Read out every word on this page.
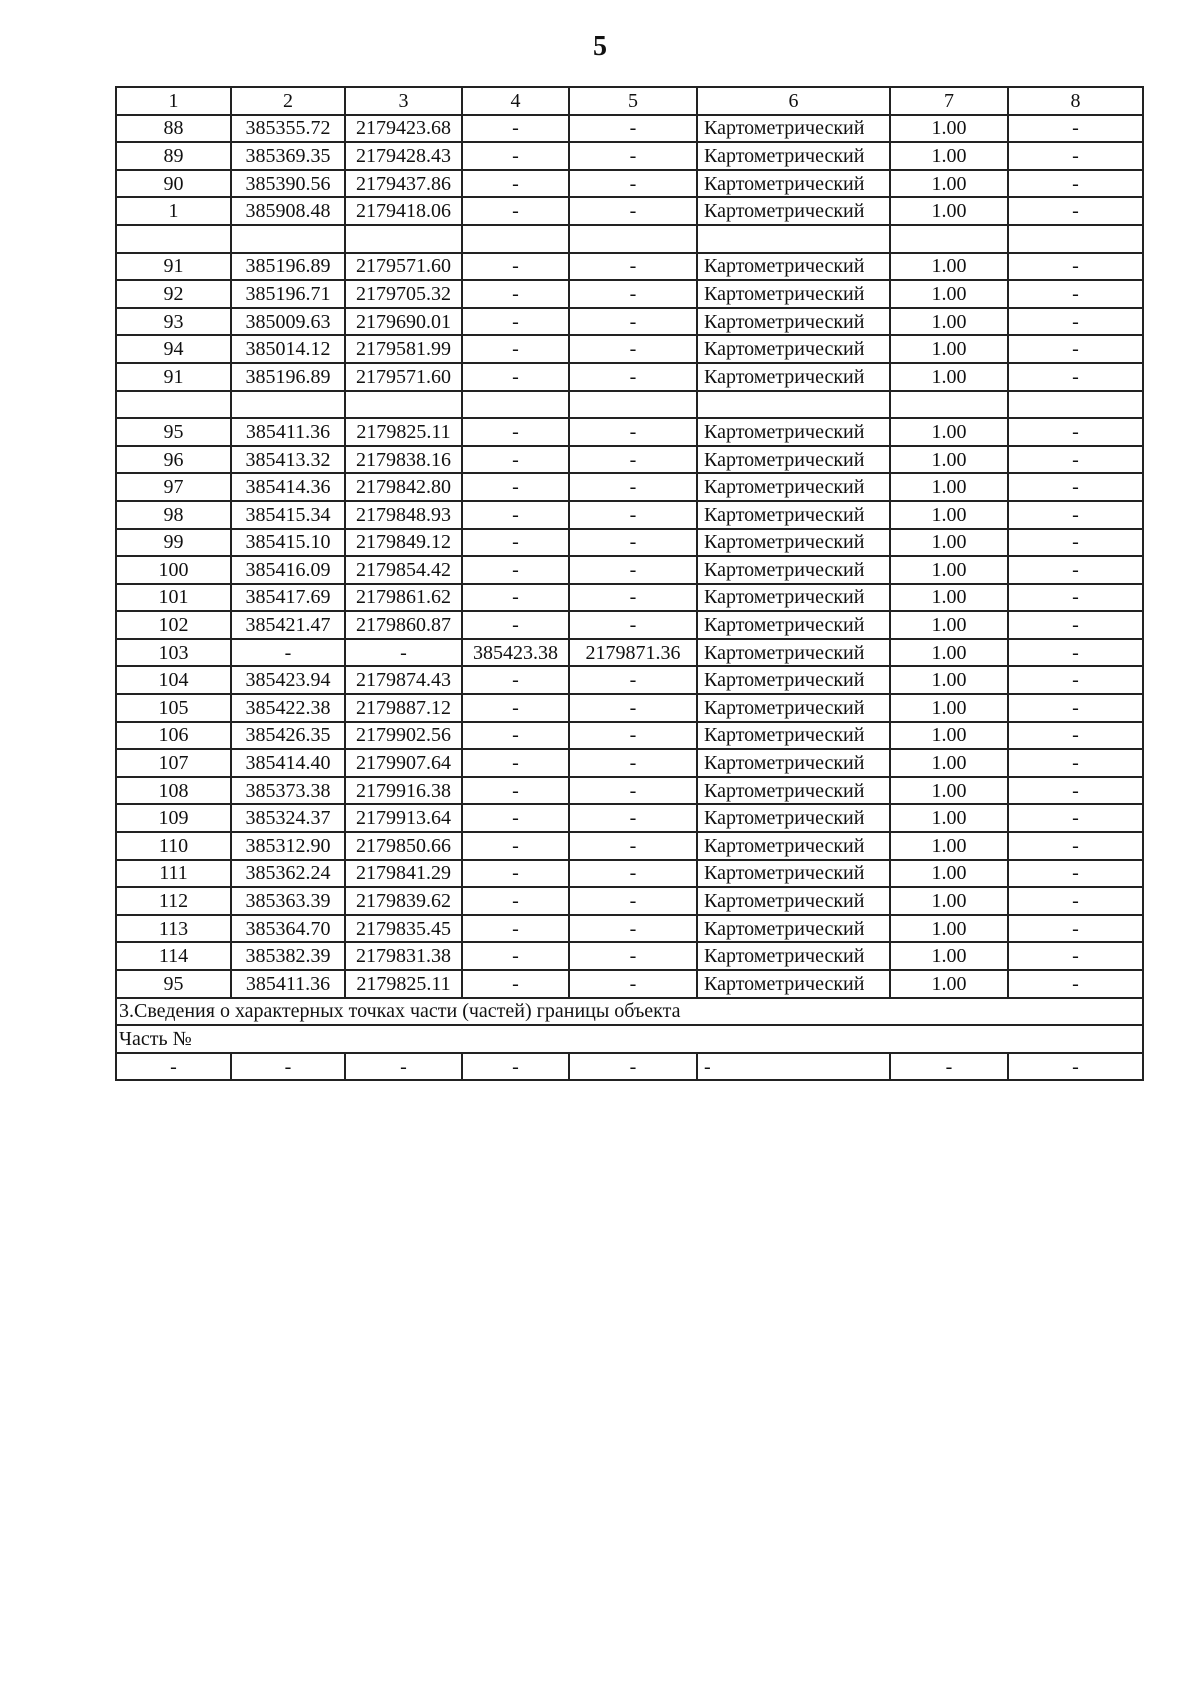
5
1	2	3	4	5	6	7	8
88	385355.72	2179423.68	-	-	Картометрический	1.00	-
89	385369.35	2179428.43	-	-	Картометрический	1.00	-
90	385390.56	2179437.86	-	-	Картометрический	1.00	-
1	385908.48	2179418.06	-	-	Картометрический	1.00	-

91	385196.89	2179571.60	-	-	Картометрический	1.00	-
92	385196.71	2179705.32	-	-	Картометрический	1.00	-
93	385009.63	2179690.01	-	-	Картометрический	1.00	-
94	385014.12	2179581.99	-	-	Картометрический	1.00	-
91	385196.89	2179571.60	-	-	Картометрический	1.00	-

95	385411.36	2179825.11	-	-	Картометрический	1.00	-
96	385413.32	2179838.16	-	-	Картометрический	1.00	-
97	385414.36	2179842.80	-	-	Картометрический	1.00	-
98	385415.34	2179848.93	-	-	Картометрический	1.00	-
99	385415.10	2179849.12	-	-	Картометрический	1.00	-
100	385416.09	2179854.42	-	-	Картометрический	1.00	-
101	385417.69	2179861.62	-	-	Картометрический	1.00	-
102	385421.47	2179860.87	-	-	Картометрический	1.00	-
103	-	-	385423.38	2179871.36	Картометрический	1.00	-
104	385423.94	2179874.43	-	-	Картометрический	1.00	-
105	385422.38	2179887.12	-	-	Картометрический	1.00	-
106	385426.35	2179902.56	-	-	Картометрический	1.00	-
107	385414.40	2179907.64	-	-	Картометрический	1.00	-
108	385373.38	2179916.38	-	-	Картометрический	1.00	-
109	385324.37	2179913.64	-	-	Картометрический	1.00	-
110	385312.90	2179850.66	-	-	Картометрический	1.00	-
111	385362.24	2179841.29	-	-	Картометрический	1.00	-
112	385363.39	2179839.62	-	-	Картометрический	1.00	-
113	385364.70	2179835.45	-	-	Картометрический	1.00	-
114	385382.39	2179831.38	-	-	Картометрический	1.00	-
95	385411.36	2179825.11	-	-	Картометрический	1.00	-
3.Сведения о характерных точках части (частей) границы объекта							
Часть №							
-	-	-	-	-	-	-	-
